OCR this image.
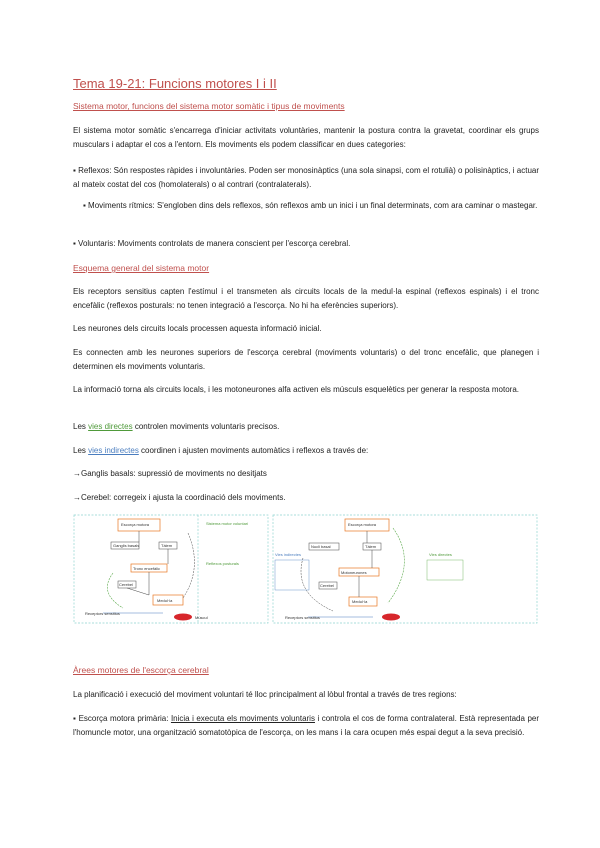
Tema 19-21: Funcions motores I i II
Sistema motor, funcions del sistema motor somàtic i tipus de moviments
El sistema motor somàtic s'encarrega d'iniciar activitats voluntàries, mantenir la postura contra la gravetat, coordinar els grups musculars i adaptar el cos a l'entorn. Els moviments els podem classificar en dues categories:
▪ Reflexos: Són respostes ràpides i involuntàries. Poden ser monosinàptics (una sola sinapsi, com el rotulià) o polisinàptics, i actuar al mateix costat del cos (homolaterals) o al contrari (contralaterals).
▪ Moviments rítmics: S'engloben dins dels reflexos, són reflexos amb un inici i un final determinats, com ara caminar o mastegar.
▪ Voluntaris: Moviments controlats de manera conscient per l'escorça cerebral.
Esquema general del sistema motor
Els receptors sensitius capten l'estímul i el transmeten als circuits locals de la medul·la espinal (reflexos espinals) i el tronc encefàlic (reflexos posturals: no tenen integració a l'escorça. No hi ha eferències superiors).
Les neurones dels circuits locals processen aquesta informació inicial.
Es connecten amb les neurones superiors de l'escorça cerebral (moviments voluntaris) o del tronc encefàlic, que planegen i determinen els moviments voluntaris.
La informació torna als circuits locals, i les motoneurones alfa activen els músculs esquelètics per generar la resposta motora.
Les vies directes controlen moviments voluntaris precisos.
Les vies indirectes coordinen i ajusten moviments automàtics i reflexos a través de:
→Ganglis basals: supressió de moviments no desitjats
→Cerebel: corregeix i ajusta la coordinació dels moviments.
Escorça motora
Ganglis basals	Tàlem
Tronc encefàlic
Cerebel
Medul·la
Receptors sensitius
Múscul
Sistema motor voluntari
Reflexos posturals
Escorça motora
Nucli basal	Tàlem
Motoneurones
Cerebel
Medul·la
Receptors sensitius
Vies indirectes	Vies directes
Àrees motores de l'escorça cerebral
La planificació i execució del moviment voluntari té lloc principalment al lòbul frontal a través de tres regions:
▪ Escorça motora primària: Inicia i executa els moviments voluntaris i controla el cos de forma contralateral. Està representada per l'homuncle motor, una organització somatotòpica de l'escorça, on les mans i la cara ocupen més espai degut a la seva precisió.
